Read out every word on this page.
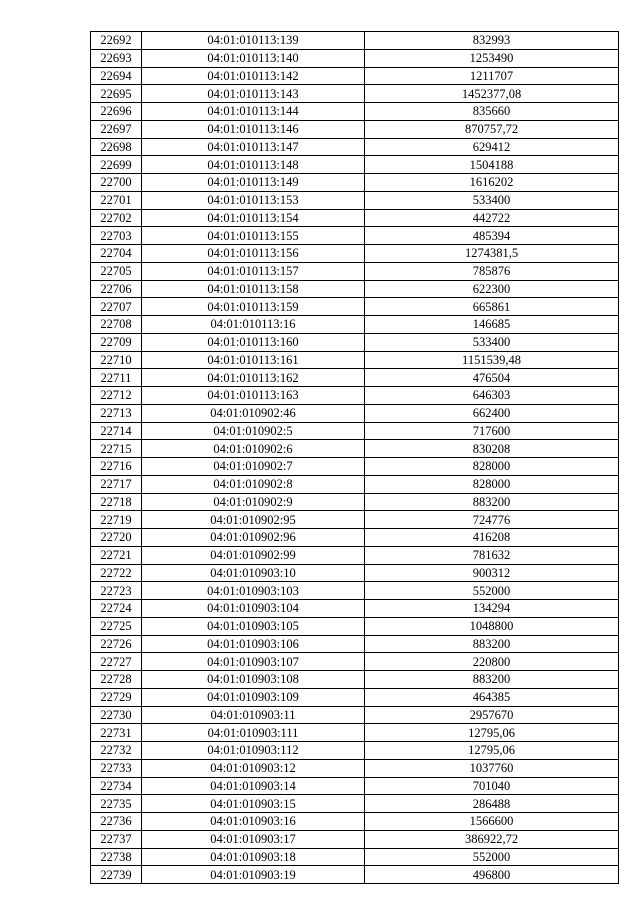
22692	04:01:010113:139	832993
22693	04:01:010113:140	1253490
22694	04:01:010113:142	1211707
22695	04:01:010113:143	1452377,08
22696	04:01:010113:144	835660
22697	04:01:010113:146	870757,72
22698	04:01:010113:147	629412
22699	04:01:010113:148	1504188
22700	04:01:010113:149	1616202
22701	04:01:010113:153	533400
22702	04:01:010113:154	442722
22703	04:01:010113:155	485394
22704	04:01:010113:156	1274381,5
22705	04:01:010113:157	785876
22706	04:01:010113:158	622300
22707	04:01:010113:159	665861
22708	04:01:010113:16	146685
22709	04:01:010113:160	533400
22710	04:01:010113:161	1151539,48
22711	04:01:010113:162	476504
22712	04:01:010113:163	646303
22713	04:01:010902:46	662400
22714	04:01:010902:5	717600
22715	04:01:010902:6	830208
22716	04:01:010902:7	828000
22717	04:01:010902:8	828000
22718	04:01:010902:9	883200
22719	04:01:010902:95	724776
22720	04:01:010902:96	416208
22721	04:01:010902:99	781632
22722	04:01:010903:10	900312
22723	04:01:010903:103	552000
22724	04:01:010903:104	134294
22725	04:01:010903:105	1048800
22726	04:01:010903:106	883200
22727	04:01:010903:107	220800
22728	04:01:010903:108	883200
22729	04:01:010903:109	464385
22730	04:01:010903:11	2957670
22731	04:01:010903:111	12795,06
22732	04:01:010903:112	12795,06
22733	04:01:010903:12	1037760
22734	04:01:010903:14	701040
22735	04:01:010903:15	286488
22736	04:01:010903:16	1566600
22737	04:01:010903:17	386922,72
22738	04:01:010903:18	552000
22739	04:01:010903:19	496800
